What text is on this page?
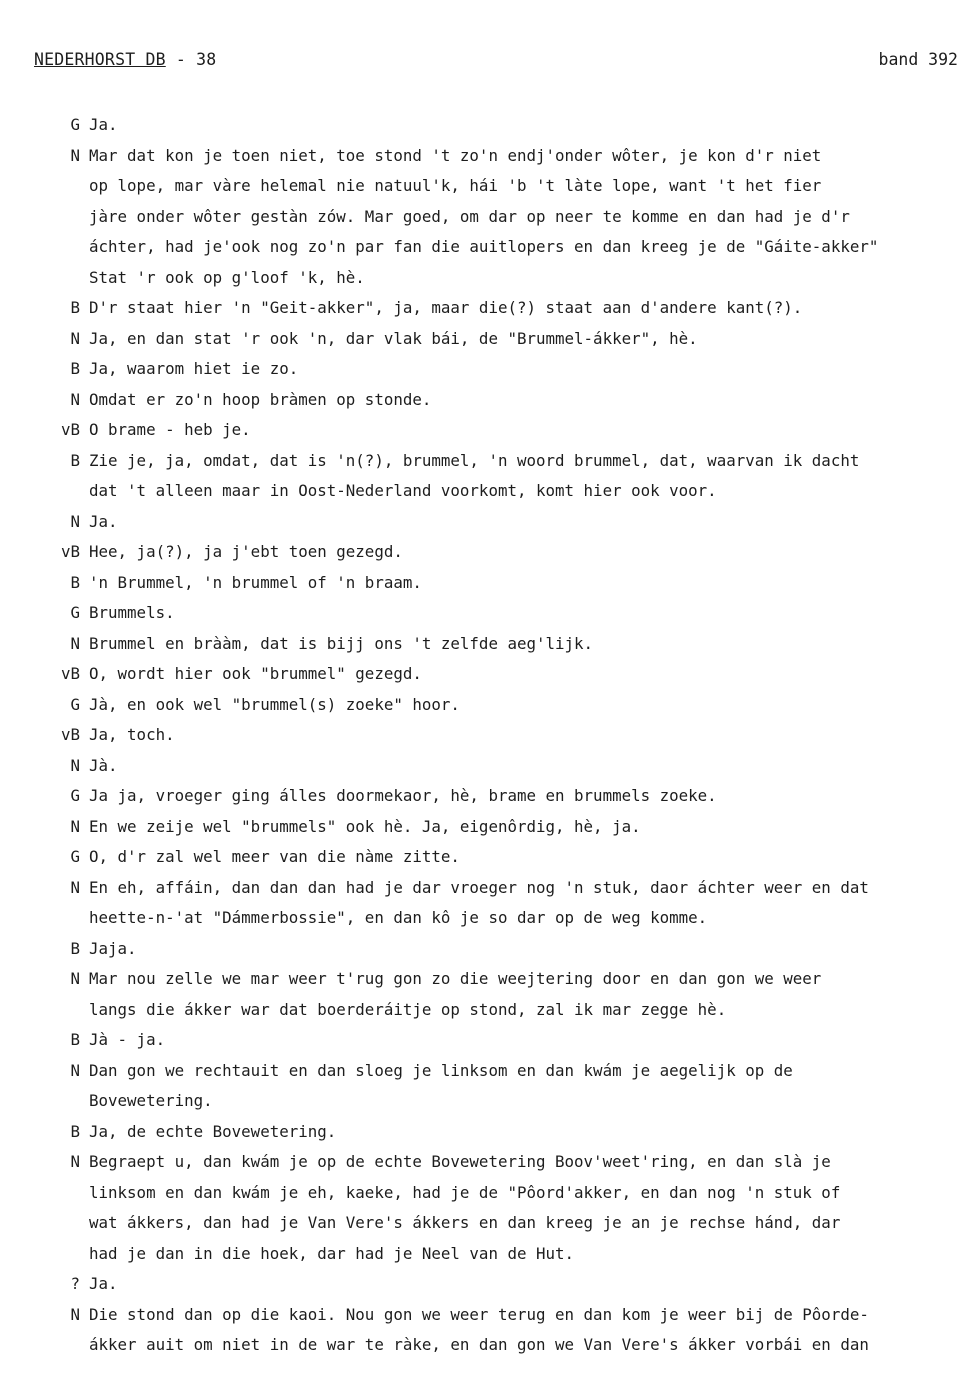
NEDERHORST DB - 38	band 392
G Ja.
N Mar dat kon je toen niet, toe stond 't zo'n endj'onder wôter, je kon d'r niet
op lope, mar vàre helemal nie natuul'k, hái 'b 't làte lope, want 't het fier
jàre onder wôter gestàn zów. Mar goed, om dar op neer te komme en dan had je d'r
áchter, had je'ook nog zo'n par fan die auitlopers en dan kreeg je de "Gáite-akker"
Stat 'r ook op g'loof 'k, hè.
B D'r staat hier 'n "Geit-akker", ja, maar die(?) staat aan d'andere kant(?).
N Ja, en dan stat 'r ook 'n, dar vlak bái, de "Brummel-ákker", hè.
B Ja, waarom hiet ie zo.
N Omdat er zo'n hoop bràmen op stonde.
vB O brame - heb je.
B Zie je, ja, omdat, dat is 'n(?), brummel, 'n woord brummel, dat, waarvan ik dacht
dat 't alleen maar in Oost-Nederland voorkomt, komt hier ook voor.
N Ja.
vB Hee, ja(?), ja j'ebt toen gezegd.
B 'n Brummel, 'n brummel of 'n braam.
G Brummels.
N Brummel en brààm, dat is bijj ons 't zelfde aeg'lijk.
vB O, wordt hier ook "brummel" gezegd.
G Jà, en ook wel "brummel(s) zoeke" hoor.
vB Ja, toch.
N Jà.
G Ja ja, vroeger ging álles doormekaor, hè, brame en brummels zoeke.
N En we zeije wel "brummels" ook hè. Ja, eigenôrdig, hè, ja.
G O, d'r zal wel meer van die nàme zitte.
N En eh, affáin, dan dan dan had je dar vroeger nog 'n stuk, daor áchter weer en dat
heette-n-'at "Dámmerbossie", en dan kô je so dar op de weg komme.
B Jaja.
N Mar nou zelle we mar weer t'rug gon zo die weejtering door en dan gon we weer
langs die ákker war dat boerderáitje op stond, zal ik mar zegge hè.
B Jà - ja.
N Dan gon we rechtauit en dan sloeg je linksom en dan kwám je aegelijk op de
Bovewetering.
B Ja, de echte Bovewetering.
N Begraept u, dan kwám je op de echte Bovewetering Boov'weet'ring, en dan slà je
linksom en dan kwám je eh, kaeke, had je de "Pôord'akker, en dan nog 'n stuk of
wat ákkers, dan had je Van Vere's ákkers en dan kreeg je an je rechse hánd, dar
had je dan in die hoek, dar had je Neel van de Hut.
? Ja.
N Die stond dan op die kaoi. Nou gon we weer terug en dan kom je weer bij de Pôorde-
ákker auit om niet in de war te ràke, en dan gon we Van Vere's ákker vorbái en dan
